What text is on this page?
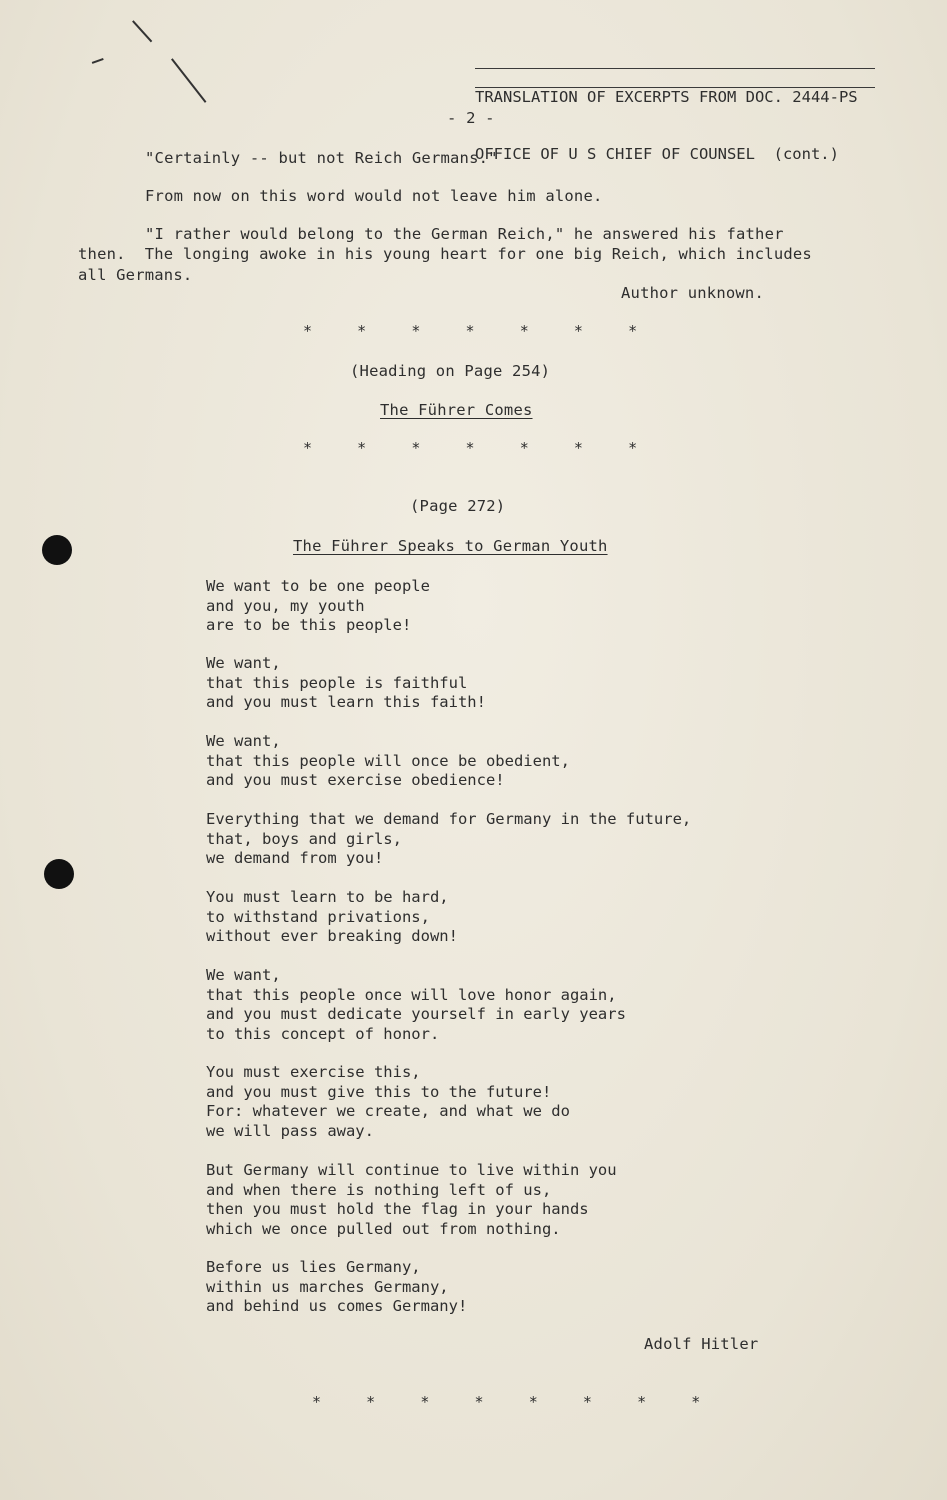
TRANSLATION OF EXCERPTS FROM DOC. 2444-PS

OFFICE OF U S CHIEF OF COUNSEL  (cont.)

- 2 -
"Certainly -- but not Reich Germans."
From now on this word would not leave him alone.
"I rather would belong to the German Reich," he answered his father
then.  The longing awoke in his young heart for one big Reich, which includes
all Germans.
Author unknown.
*     *     *     *     *     *     *
(Heading on Page 254)
The Führer Comes
*     *     *     *     *     *     *
(Page 272)
The Führer Speaks to German Youth
We want to be one people
and you, my youth
are to be this people!
We want,
that this people is faithful
and you must learn this faith!
We want,
that this people will once be obedient,
and you must exercise obedience!
Everything that we demand for Germany in the future,
that, boys and girls,
we demand from you!
You must learn to be hard,
to withstand privations,
without ever breaking down!
We want,
that this people once will love honor again,
and you must dedicate yourself in early years
to this concept of honor.
You must exercise this,
and you must give this to the future!
For: whatever we create, and what we do
we will pass away.
But Germany will continue to live within you
and when there is nothing left of us,
then you must hold the flag in your hands
which we once pulled out from nothing.
Before us lies Germany,
within us marches Germany,
and behind us comes Germany!
Adolf Hitler
*     *     *     *     *     *     *     *
